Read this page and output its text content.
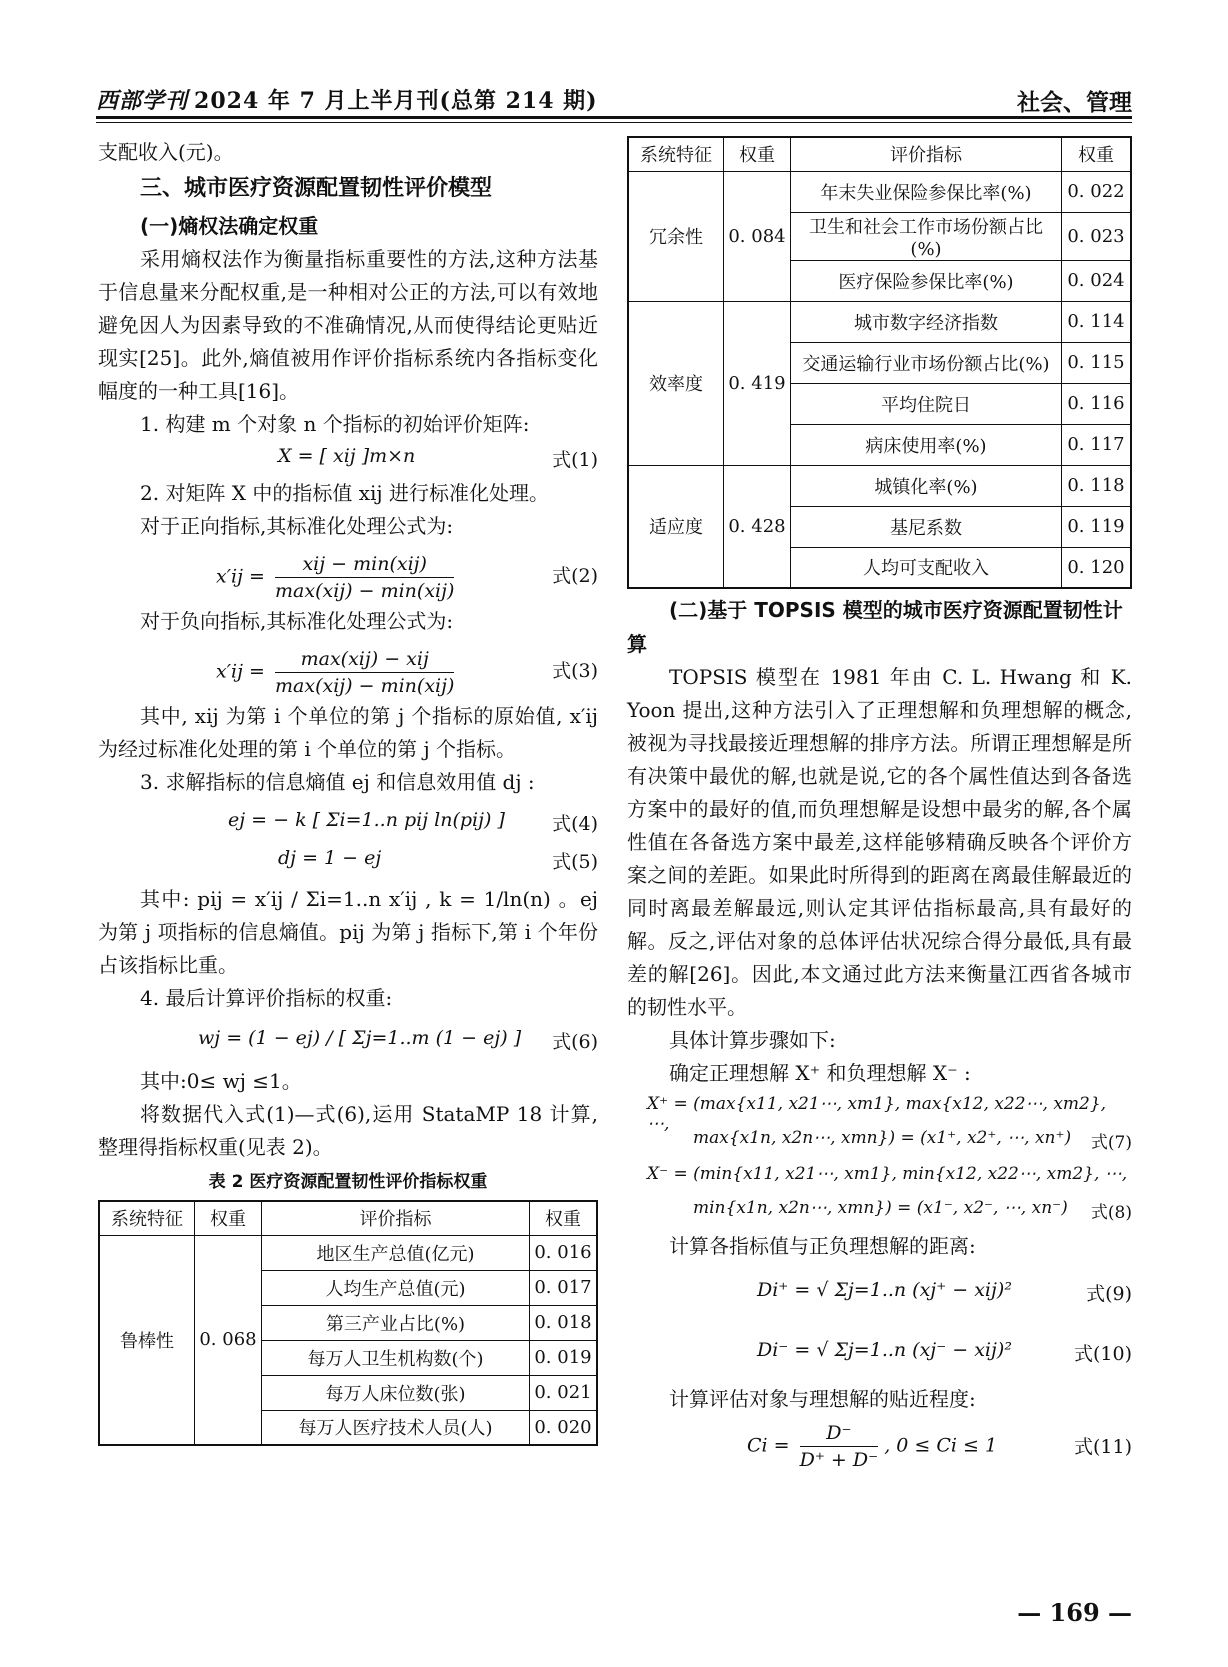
西部学刊 2024 年 7 月上半月刊(总第 214 期)	社会、管理

支配收入(元)。

三、城市医疗资源配置韧性评价模型
(一)熵权法确定权重

采用熵权法作为衡量指标重要性的方法,这种方法基于信息量来分配权重,是一种相对公正的方法,可以有效地避免因人为因素导致的不准确情况,从而使得结论更贴近现实[25]。此外,熵值被用作评价指标系统内各指标变化幅度的一种工具[16]。

1. 构建 m 个对象 n 个指标的初始评价矩阵:

X = [ xij ]m×n	式(1)

2. 对矩阵 X 中的指标值 xij 进行标准化处理。

对于正向指标,其标准化处理公式为:

$x'ij = \frac{\text{xij − min(xij)}}{\text{max(xij) − min(xij)}}$	式(2)

对于负向指标,其标准化处理公式为:

$x'ij = \frac{\text{max(xij) − xij}}{\text{max(xij) − min(xij)}}$	式(3)

其中, xij 为第 i 个单位的第 j 个指标的原始值, x′ij 为经过标准化处理的第 i 个单位的第 j 个指标。

3. 求解指标的信息熵值 ej 和信息效用值 dj :

ej = − k [ Σi=1..n pij ln(pij) ] 式(4)
dj = 1 − ej	式(5)

其中: pij = x′ij / Σi=1..n x′ij , k = 1/ln(n) 。ej 为第 j 项指标的信息熵值。pij 为第 j 指标下,第 i 个年份占该指标比重。

4. 最后计算评价指标的权重:

wj = (1 − ej) / [ Σj=1..m (1 − ej) ] 式(6)

其中:0≤ wj ≤1。

将数据代入式(1)—式(6),运用 StataMP 18 计算,整理得指标权重(见表 2)。

表 2 医疗资源配置韧性评价指标权重
系统特征	权重	评价指标	权重
鲁棒性	0. 068	地区生产总值(亿元)	0. 016
		人均生产总值(元)	0. 017
		第三产业占比(%)	0. 018
		每万人卫生机构数(个)	0. 019
		每万人床位数(张)	0. 021
		每万人医疗技术人员(人)	0. 020
系统特征	权重	评价指标	权重
冗余性	0. 084	年末失业保险参保比率(%)	0. 022
		卫生和社会工作市场份额占比(%)	0. 023
		医疗保险参保比率(%)	0. 024
效率度	0. 419	城市数字经济指数	0. 114
		交通运输行业市场份额占比(%)	0. 115
		平均住院日	0. 116
		病床使用率(%)	0. 117
适应度	0. 428	城镇化率(%)	0. 118
		基尼系数	0. 119
		人均可支配收入	0. 120
(二)基于 TOPSIS 模型的城市医疗资源配置韧性计算

TOPSIS 模型在 1981 年由 C. L. Hwang 和 K. Yoon 提出,这种方法引入了正理想解和负理想解的概念,被视为寻找最接近理想解的排序方法。所谓正理想解是所有决策中最优的解,也就是说,它的各个属性值达到各备选方案中的最好的值,而负理想解是设想中最劣的解,各个属性值在各备选方案中最差,这样能够精确反映各个评价方案之间的差距。如果此时所得到的距离在离最佳解最近的同时离最差解最远,则认定其评估指标最高,具有最好的解。反之,评估对象的总体评估状况综合得分最低,具有最差的解[26]。因此,本文通过此方法来衡量江西省各城市的韧性水平。

具体计算步骤如下:

确定正理想解 X⁺ 和负理想解 X⁻ :

X⁺ = (max{x11, x21⋯, xm1}, max{x12, x22⋯, xm2}, ⋯,
max{x1n, x2n⋯, xmn}) = (x1⁺, x2⁺, ⋯, xn⁺) 式(7)
X⁻ = (min{x11, x21⋯, xm1}, min{x12, x22⋯, xm2}, ⋯,
min{x1n, x2n⋯, xmn}) = (x1⁻, x2⁻, ⋯, xn⁻) 式(8)

计算各指标值与正负理想解的距离:

Di⁺ = √ Σj=1..n (xj⁺ − xij)²	式(9)
Di⁻ = √ Σj=1..n (xj⁻ − xij)²	式(10)

计算评估对象与理想解的贴近程度:

$Ci = \frac{D^-}{D^+ + D^-}$ , 0 ≤ Ci ≤ 1	式(11)
— 169 —
